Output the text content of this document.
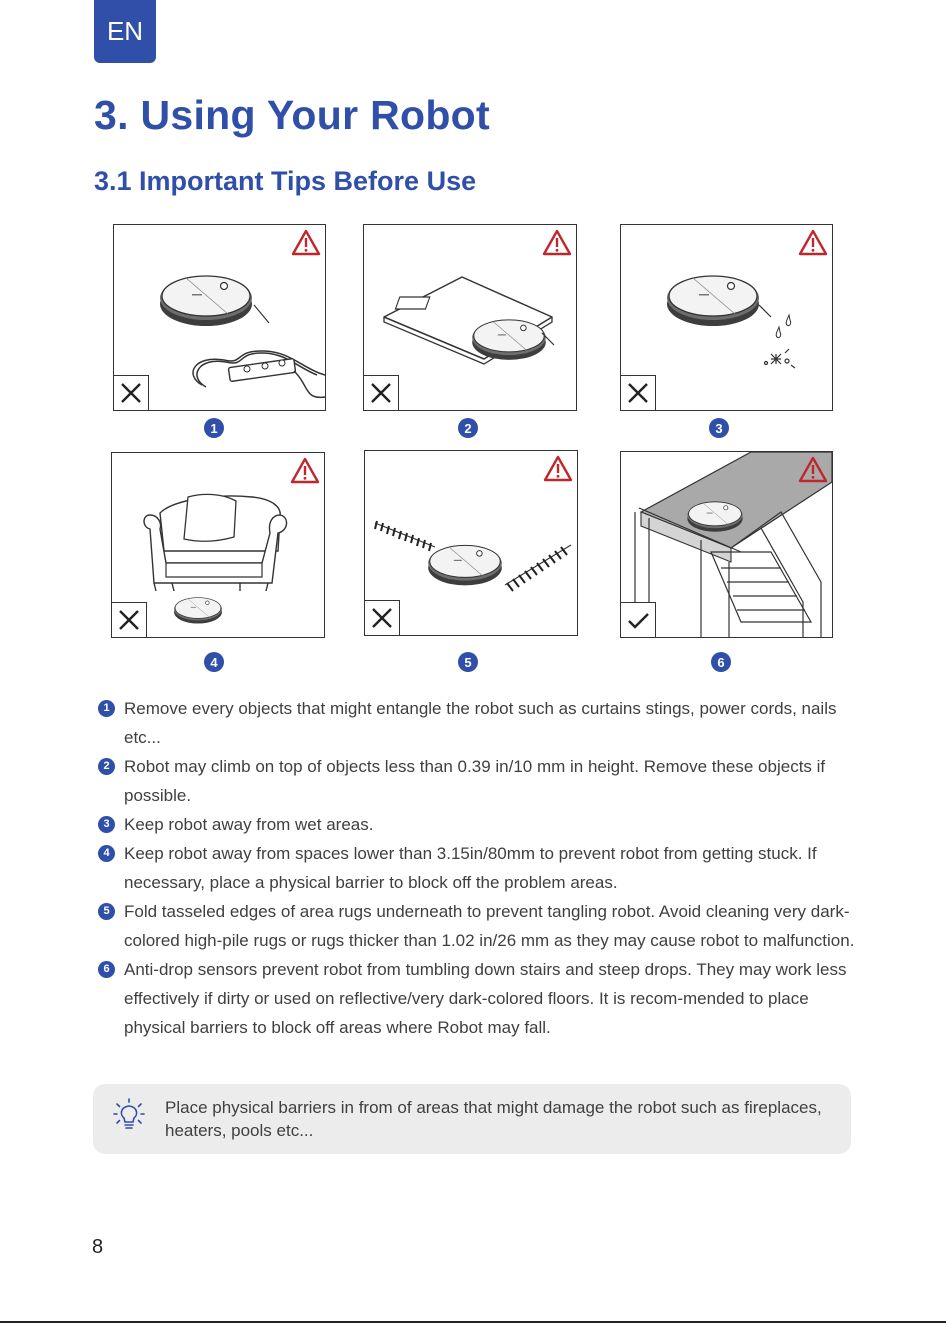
EN
3. Using Your Robot
3.1 Important Tips Before Use
1	2	3
4	5	6
1 Remove every objects that might entangle the robot such as curtains stings, power cords, nails etc...
2 Robot may climb on top of objects less than 0.39 in/10 mm in height. Remove these objects if possible.
3 Keep robot away from wet areas.
4 Keep robot away from spaces lower than 3.15in/80mm to prevent robot from getting stuck. If necessary, place a physical barrier to block off the problem areas.
5 Fold tasseled edges of area rugs underneath to prevent tangling robot. Avoid cleaning very dark-colored high-pile rugs or rugs thicker than 1.02 in/26 mm as they may cause robot to malfunction.
6 Anti-drop sensors prevent robot from tumbling down stairs and steep drops. They may work less effectively if dirty or used on reflective/very dark-colored floors. It is recom-mended to place physical barriers to block off areas where Robot may fall.
Place physical barriers in from of areas that might damage the robot such as fireplaces, heaters, pools etc...
8
